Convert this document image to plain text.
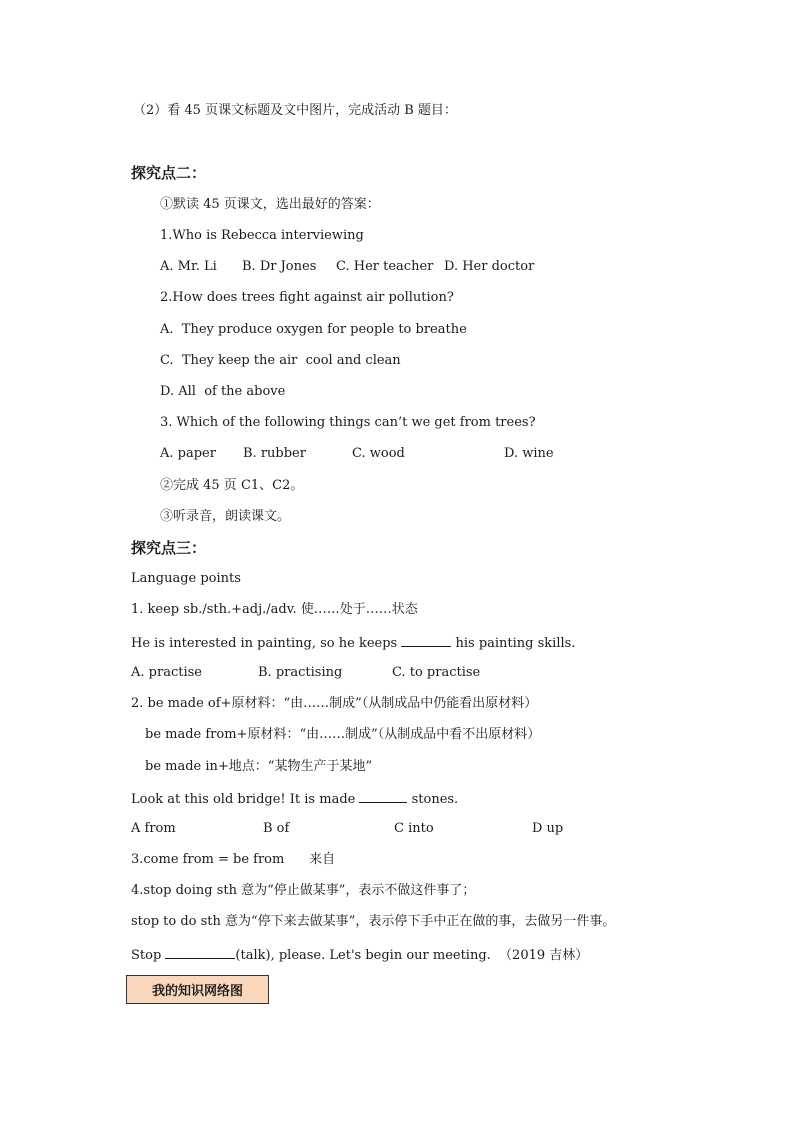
（2）看 45 页课文标题及文中图片，完成活动 B 题目：
探究点二：
①默读 45 页课文，选出最好的答案：
1.Who is Rebecca interviewing
A. Mr. Li B. Dr Jones C. Her teacher D. Her doctor
2.How does trees fight against air pollution?
A.  They produce oxygen for people to breathe
C.  They keep the air  cool and clean
D. All  of the above
3. Which of the following things can’t we get from trees?
A. paper B. rubber	C. wood	D. wine
②完成 45 页 C1、C2。
③听录音，朗读课文。
探究点三：
Language points
1. keep sb./sth.+adj./adv. 使……处于……状态
He is interested in painting, so he keeps	his painting skills.
A. practise	B. practising	C. to practise
2. be made of+原材料：“由……制成”（从制成品中仍能看出原材料）
be made from+原材料：“由……制成”（从制成品中看不出原材料）
be made in+地点：“某物生产于某地”
Look at this old bridge! It is made	stones.
A from	B of	C into	D up
3.come from = be from      来自
4.stop doing sth 意为“停止做某事”，表示不做这件事了；
stop to do sth 意为“停下来去做某事”，表示停下手中正在做的事，去做另一件事。
Stop	(talk), please. Let's begin our meeting.  （2019 吉林）
我的知识网络图
